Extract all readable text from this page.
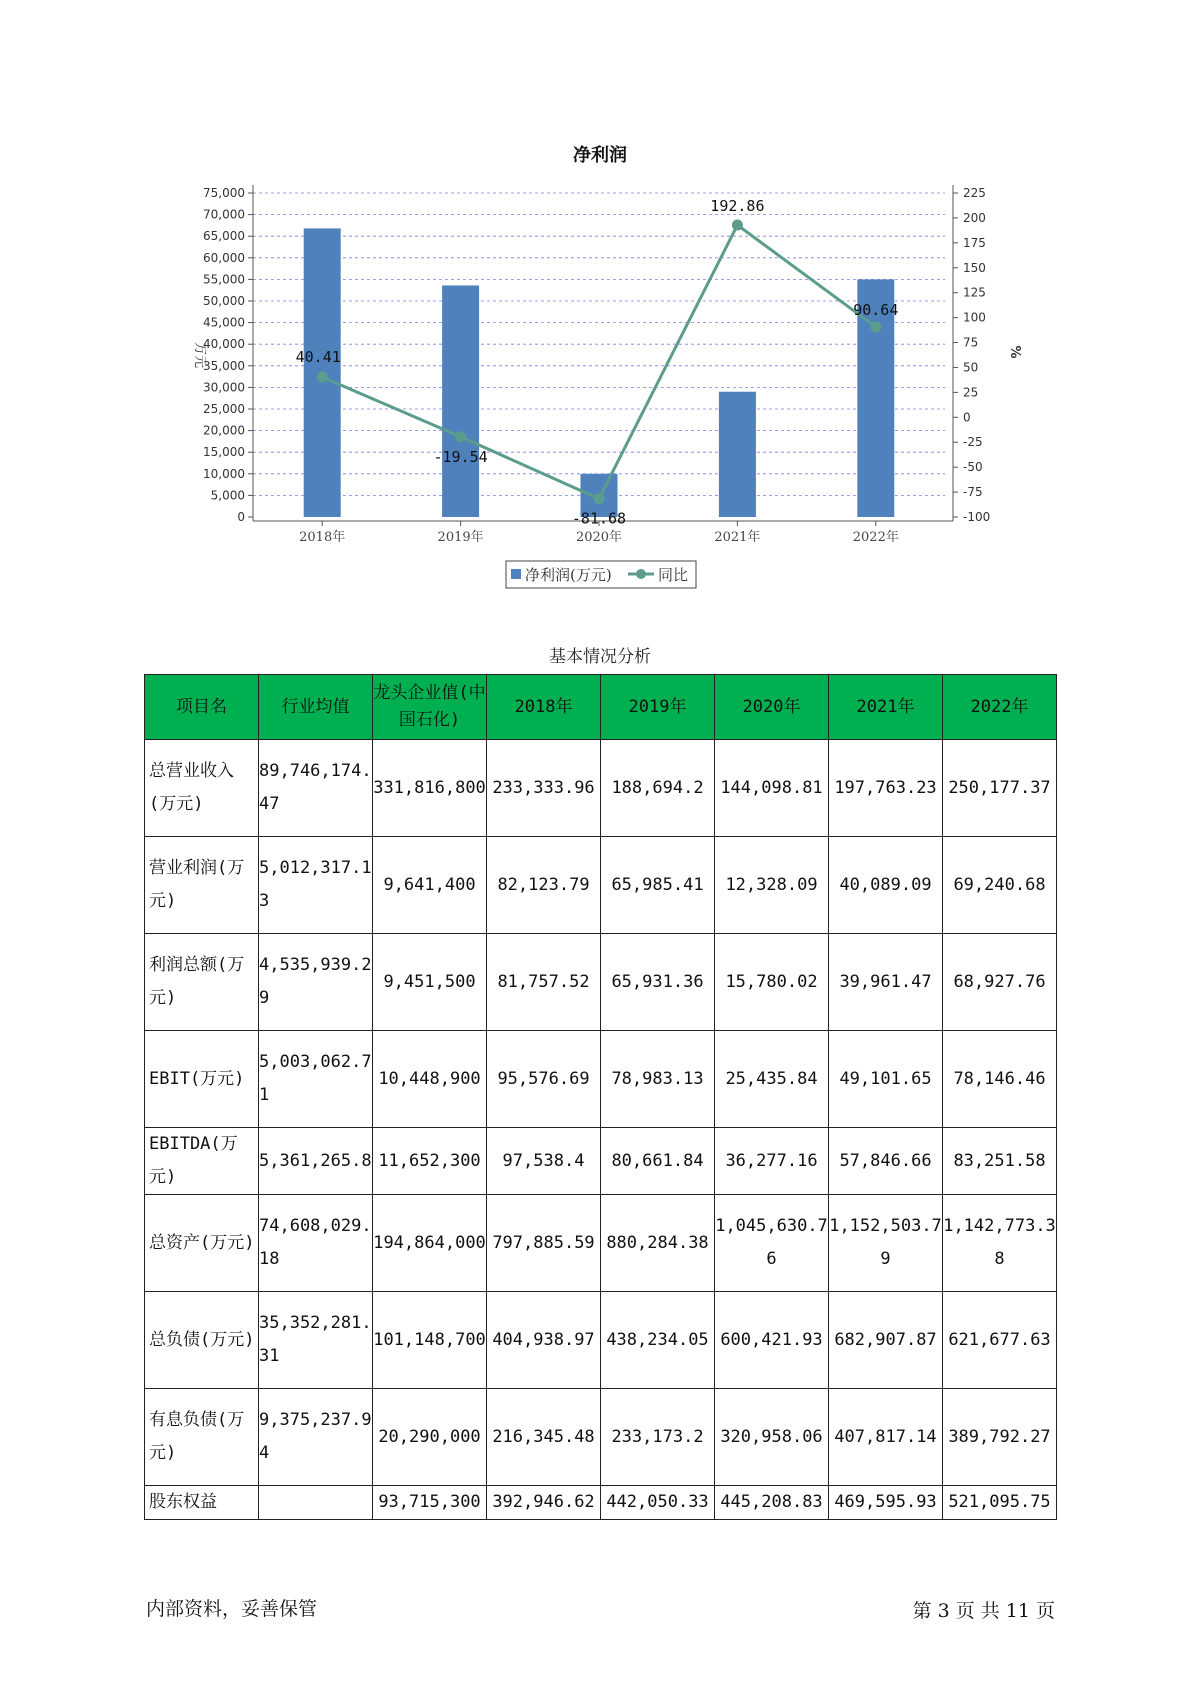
净利润
0
5,000
10,000
15,000
20,000
25,000
30,000
35,000
40,000
45,000
50,000
55,000
60,000
65,000
70,000
75,000
-100
-75
-50
-25
0
25
50
75
100
125
150
175
200
225
万元	%
2018年	2019年	2020年	2021年	2022年
40.41
-19.54
-81.68
192.86
90.64
净利润(万元)	同比
基本情况分析
项目名	行业均值	龙头企业值(中国石化)	2018年	2019年	2020年	2021年	2022年
总营业收入(万元)	89,746,174.47	331,816,800	233,333.96	188,694.2	144,098.81	197,763.23	250,177.37
营业利润(万元)	5,012,317.13	9,641,400	82,123.79	65,985.41	12,328.09	40,089.09	69,240.68
利润总额(万元)	4,535,939.29	9,451,500	81,757.52	65,931.36	15,780.02	39,961.47	68,927.76
EBIT(万元)	5,003,062.71	10,448,900	95,576.69	78,983.13	25,435.84	49,101.65	78,146.46
EBITDA(万元)	5,361,265.8	11,652,300	97,538.4	80,661.84	36,277.16	57,846.66	83,251.58
总资产(万元)	74,608,029.18	194,864,000	797,885.59	880,284.38	1,045,630.76	1,152,503.79	1,142,773.38
总负债(万元)	35,352,281.31	101,148,700	404,938.97	438,234.05	600,421.93	682,907.87	621,677.63
有息负债(万元)	9,375,237.94	20,290,000	216,345.48	233,173.2	320,958.06	407,817.14	389,792.27
股东权益		93,715,300	392,946.62	442,050.33	445,208.83	469,595.93	521,095.75
内部资料，妥善保管	第 3 页 共 11 页
